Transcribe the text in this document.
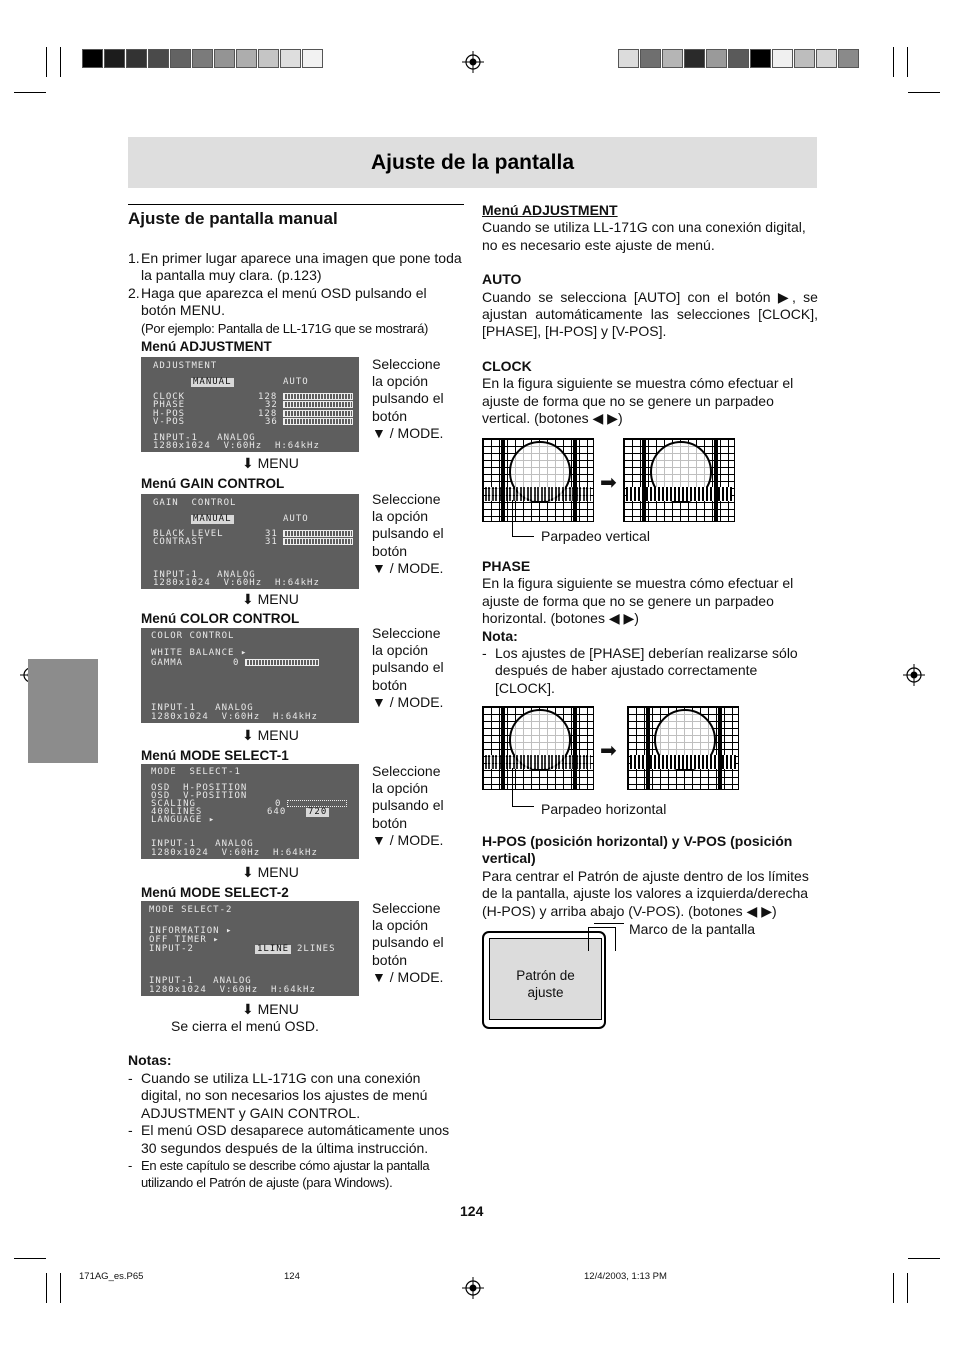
Ajuste de la pantalla
Ajuste de pantalla manual
1. En primer lugar aparece una imagen que pone toda la pantalla muy clara. (p.123)
2. Haga que aparezca el menú OSD pulsando el botón MENU.
(Por ejemplo: Pantalla de LL-171G que se mostrará)
Menú ADJUSTMENT
ADJUSTMENT
MANUAL	AUTO
CLOCK	128
PHASE	32
H-POS	128
V-POS	36
INPUT-1   ANALOG
1280x1024  V:60Hz  H:64kHz
Seleccione
la opción
pulsando el
botón
▼ / MODE.
⬇ MENU
Menú GAIN CONTROL
GAIN  CONTROL
MANUAL	AUTO
BLACK LEVEL	31
CONTRAST	31
INPUT-1   ANALOG
1280x1024  V:60Hz  H:64kHz
Seleccione
la opción
pulsando el
botón
▼ / MODE.
⬇ MENU
Menú COLOR CONTROL
COLOR CONTROL
WHITE BALANCE ▸
GAMMA	0
INPUT-1   ANALOG
1280x1024  V:60Hz  H:64kHz
Seleccione
la opción
pulsando el
botón
▼ / MODE.
⬇ MENU
Menú MODE SELECT-1
MODE  SELECT-1
OSD  H-POSITION
OSD  V-POSITION
SCALING	0
400LINES	640 720
LANGUAGE ▸
INPUT-1   ANALOG
1280x1024  V:60Hz  H:64kHz
Seleccione
la opción
pulsando el
botón
▼ / MODE.
⬇ MENU
Menú MODE SELECT-2
MODE SELECT-2
INFORMATION ▸
OFF TIMER ▸
INPUT-2	1LINE 2LINES
INPUT-1   ANALOG
1280x1024  V:60Hz  H:64kHz
Seleccione
la opción
pulsando el
botón
▼ / MODE.
⬇ MENU
Se cierra el menú OSD.
Notas:
- Cuando se utiliza LL-171G con una conexión digital, no son necesarios los ajustes de menú ADJUSTMENT y GAIN CONTROL.
- El menú OSD desaparece automáticamente unos 30 segundos después de la última instrucción.
- En este capítulo se describe cómo ajustar la pantalla utilizando el Patrón de ajuste (para Windows).
Menú ADJUSTMENT

Cuando se utiliza LL-171G con una conexión digital, no es necesario este ajuste de menú.

AUTO

Cuando se selecciona [AUTO] con el botón ▶, se ajustan automáticamente las selecciones [CLOCK], [PHASE], [H-POS] y [V-POS].

CLOCK

En la figura siguiente se muestra cómo efectuar el ajuste de forma que no se genere un parpadeo vertical. (botones ◀ ▶)

➡
Parpadeo vertical
PHASE

En la figura siguiente se muestra cómo efectuar el ajuste de forma que no se genere un parpadeo horizontal. (botones ◀ ▶)

Nota:
- Los ajustes de [PHASE] deberían realizarse sólo después de haber ajustado correctamente [CLOCK].
➡
Parpadeo horizontal
H-POS (posición horizontal) y V-POS (posición vertical)

Para centrar el Patrón de ajuste dentro de los límites de la pantalla, ajuste los valores a izquierda/derecha (H-POS) y arriba abajo (V-POS). (botones ◀ ▶)

Patrón de ajuste
Marco de la pantalla
124
171AG_es.P65	124	12/4/2003, 1:13 PM
